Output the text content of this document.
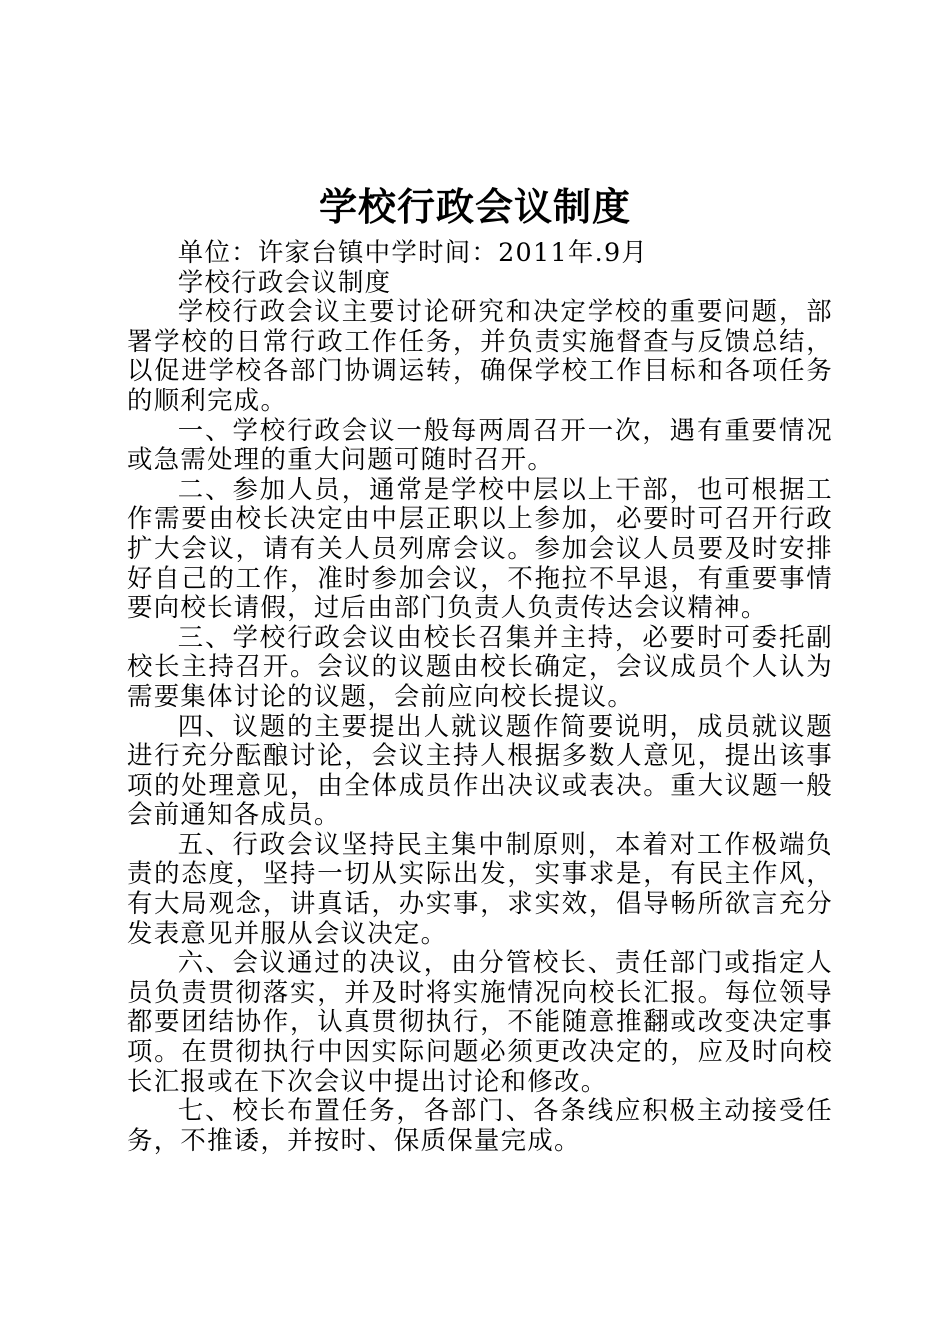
学校行政会议制度

单位：许家台镇中学时间：2011年.9月

学校行政会议制度

学校行政会议主要讨论研究和决定学校的重要问题，部署学校的日常行政工作任务，并负责实施督查与反馈总结，以促进学校各部门协调运转，确保学校工作目标和各项任务的顺利完成。

一、学校行政会议一般每两周召开一次，遇有重要情况或急需处理的重大问题可随时召开。

二、参加人员，通常是学校中层以上干部，也可根据工作需要由校长决定由中层正职以上参加，必要时可召开行政扩大会议，请有关人员列席会议。参加会议人员要及时安排好自己的工作，准时参加会议，不拖拉不早退，有重要事情要向校长请假，过后由部门负责人负责传达会议精神。

三、学校行政会议由校长召集并主持，必要时可委托副校长主持召开。会议的议题由校长确定，会议成员个人认为需要集体讨论的议题，会前应向校长提议。

四、议题的主要提出人就议题作简要说明，成员就议题进行充分酝酿讨论，会议主持人根据多数人意见，提出该事项的处理意见，由全体成员作出决议或表决。重大议题一般会前通知各成员。

五、行政会议坚持民主集中制原则，本着对工作极端负责的态度，坚持一切从实际出发，实事求是，有民主作风，有大局观念，讲真话，办实事，求实效，倡导畅所欲言充分发表意见并服从会议决定。

六、会议通过的决议，由分管校长、责任部门或指定人员负责贯彻落实，并及时将实施情况向校长汇报。每位领导都要团结协作，认真贯彻执行，不能随意推翻或改变决定事项。在贯彻执行中因实际问题必须更改决定的，应及时向校长汇报或在下次会议中提出讨论和修改。

七、校长布置任务，各部门、各条线应积极主动接受任务，不推诿，并按时、保质保量完成。
